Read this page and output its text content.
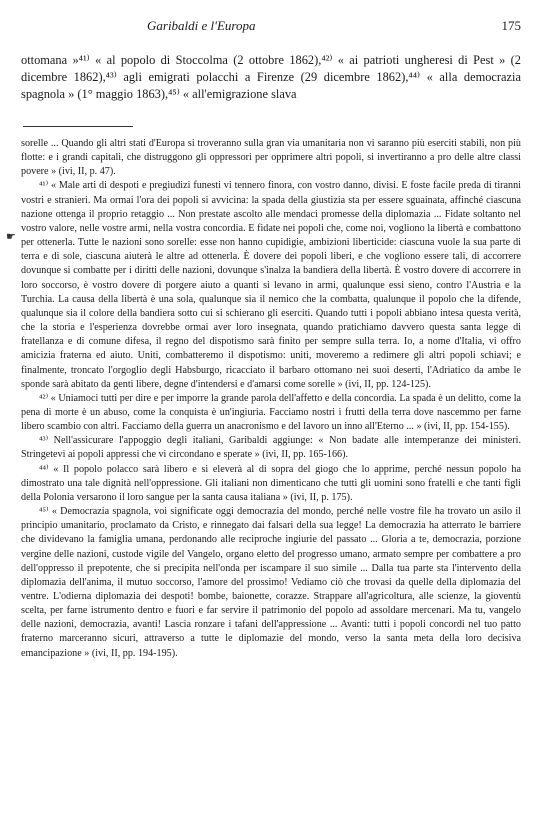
Garibaldi e l'Europa	175

ottomana »⁴¹⁾ « al popolo di Stoccolma (2 ottobre 1862),⁴²⁾ « ai patrioti ungheresi di Pest » (2 dicembre 1862),⁴³⁾ agli emigrati polacchi a Firenze (29 dicembre 1862),⁴⁴⁾ « alla democrazia spagnola » (1° maggio 1863),⁴⁵⁾ « all'emigrazione slava

sorelle ... Quando gli altri stati d'Europa si troveranno sulla gran via umanitaria non vi saranno più eserciti stabili, non più flotte: e i grandi capitali, che distruggono gli oppressori per opprimere altri popoli, si invertiranno a pro delle altre classi povere » (ivi, II, p. 47).

⁴¹⁾ « Male arti di despoti e pregiudizi funesti vi tennero finora, con vostro danno, divisi. E foste facile preda di tiranni vostri e stranieri. Ma ormai l'ora dei popoli si avvicina: la spada della giustizia sta per essere sguainata, affinché ciascuna nazione ottenga il proprio retaggio ... Non prestate ascolto alle mendaci promesse della diplomazia ... Fidate soltanto nel vostro valore, nelle vostre armi, nella vostra concordia. E fidate nei popoli che, come noi, vogliono la libertà e combattono per ottenerla. Tutte le nazioni sono sorelle: esse non hanno cupidigie, ambizioni liberticide: ciascuna vuole la sua parte di terra e di sole, ciascuna aiuterà le altre ad ottenerla. È dovere dei popoli liberi, e che vogliono essere tali, di accorrere dovunque si combatte per i diritti delle nazioni, dovunque s'inalza la bandiera della libertà. È vostro dovere di accorrere in loro soccorso, è vostro dovere di porgere aiuto a quanti si levano in armi, qualunque essi sieno, contro l'Austria e la Turchia. La causa della libertà è una sola, qualunque sia il nemico che la combatta, qualunque il popolo che la difende, qualunque sia il colore della bandiera sotto cui si schierano gli eserciti. Quando tutti i popoli abbiano intesa questa verità, che la storia e l'esperienza dovrebbe ormai aver loro insegnata, quando pratichiamo davvero questa santa legge di fratellanza e di comune difesa, il regno del dispotismo sarà finito per sempre sulla terra. Io, a nome d'Italia, vi offro amicizia fraterna ed aiuto. Uniti, combatteremo il dispotismo: uniti, moveremo a redimere gli altri popoli schiavi; e finalmente, troncato l'orgoglio degli Habsburgo, ricacciato il barbaro ottomano nei suoi deserti, l'Adriatico da ambe le sponde sarà abitato da genti libere, degne d'intendersi e d'amarsi come sorelle » (ivi, II, pp. 124-125).

⁴²⁾ « Uniamoci tutti per dire e per imporre la grande parola dell'affetto e della concordia. La spada è un delitto, come la pena di morte è un abuso, come la conquista è un'ingiuria. Facciamo nostri i frutti della terra dove nascemmo per farne libero scambio con altri. Facciamo della guerra un anacronismo e del lavoro un inno all'Eterno ... » (ivi, II, pp. 154-155).

⁴³⁾ Nell'assicurare l'appoggio degli italiani, Garibaldi aggiunge: « Non badate alle intemperanze dei ministeri. Stringetevi ai popoli appressi che vi circondano e sperate » (ivi, II, pp. 165-166).

⁴⁴⁾ « Il popolo polacco sarà libero e si eleverà al di sopra del giogo che lo apprime, perché nessun popolo ha dimostrato una tale dignità nell'oppressione. Gli italiani non dimenticano che tutti gli uomini sono fratelli e che tanti figli della Polonia versarono il loro sangue per la santa causa italiana » (ivi, II, p. 175).

⁴⁵⁾ « Democrazia spagnola, voi significate oggi democrazia del mondo, perché nelle vostre file ha trovato un asilo il principio umanitario, proclamato da Cristo, e rinnegato dai falsari della sua legge! La democrazia ha atterrato le barriere che dividevano la famiglia umana, perdonando alle reciproche ingiurie del passato ... Gloria a te, democrazia, porzione vergine delle nazioni, custode vigile del Vangelo, organo eletto del progresso umano, armato sempre per combattere a pro dell'oppresso il prepotente, che si precipita nell'onda per iscampare il suo simile ... Dalla tua parte sta l'intervento della diplomazia dell'anima, il mutuo soccorso, l'amore del prossimo! Vediamo ciò che trovasi da quelle della diplomazia del ventre. L'odierna diplomazia dei despoti! bombe, baionette, corazze. Strappare all'agricoltura, alle scienze, la gioventù scelta, per farne istrumento dentro e fuori e far servire il patrimonio del popolo ad assoldare mercenari. Ma tu, vangelo delle nazioni, democrazia, avanti! Lascia ronzare i tafani dell'appressione ... Avanti: tutti i popoli concordi nel tuo patto fraterno marceranno sicuri, attraverso a tutte le diplomazie del mondo, verso la santa meta della loro decisiva emancipazione » (ivi, II, pp. 194-195).

☛
